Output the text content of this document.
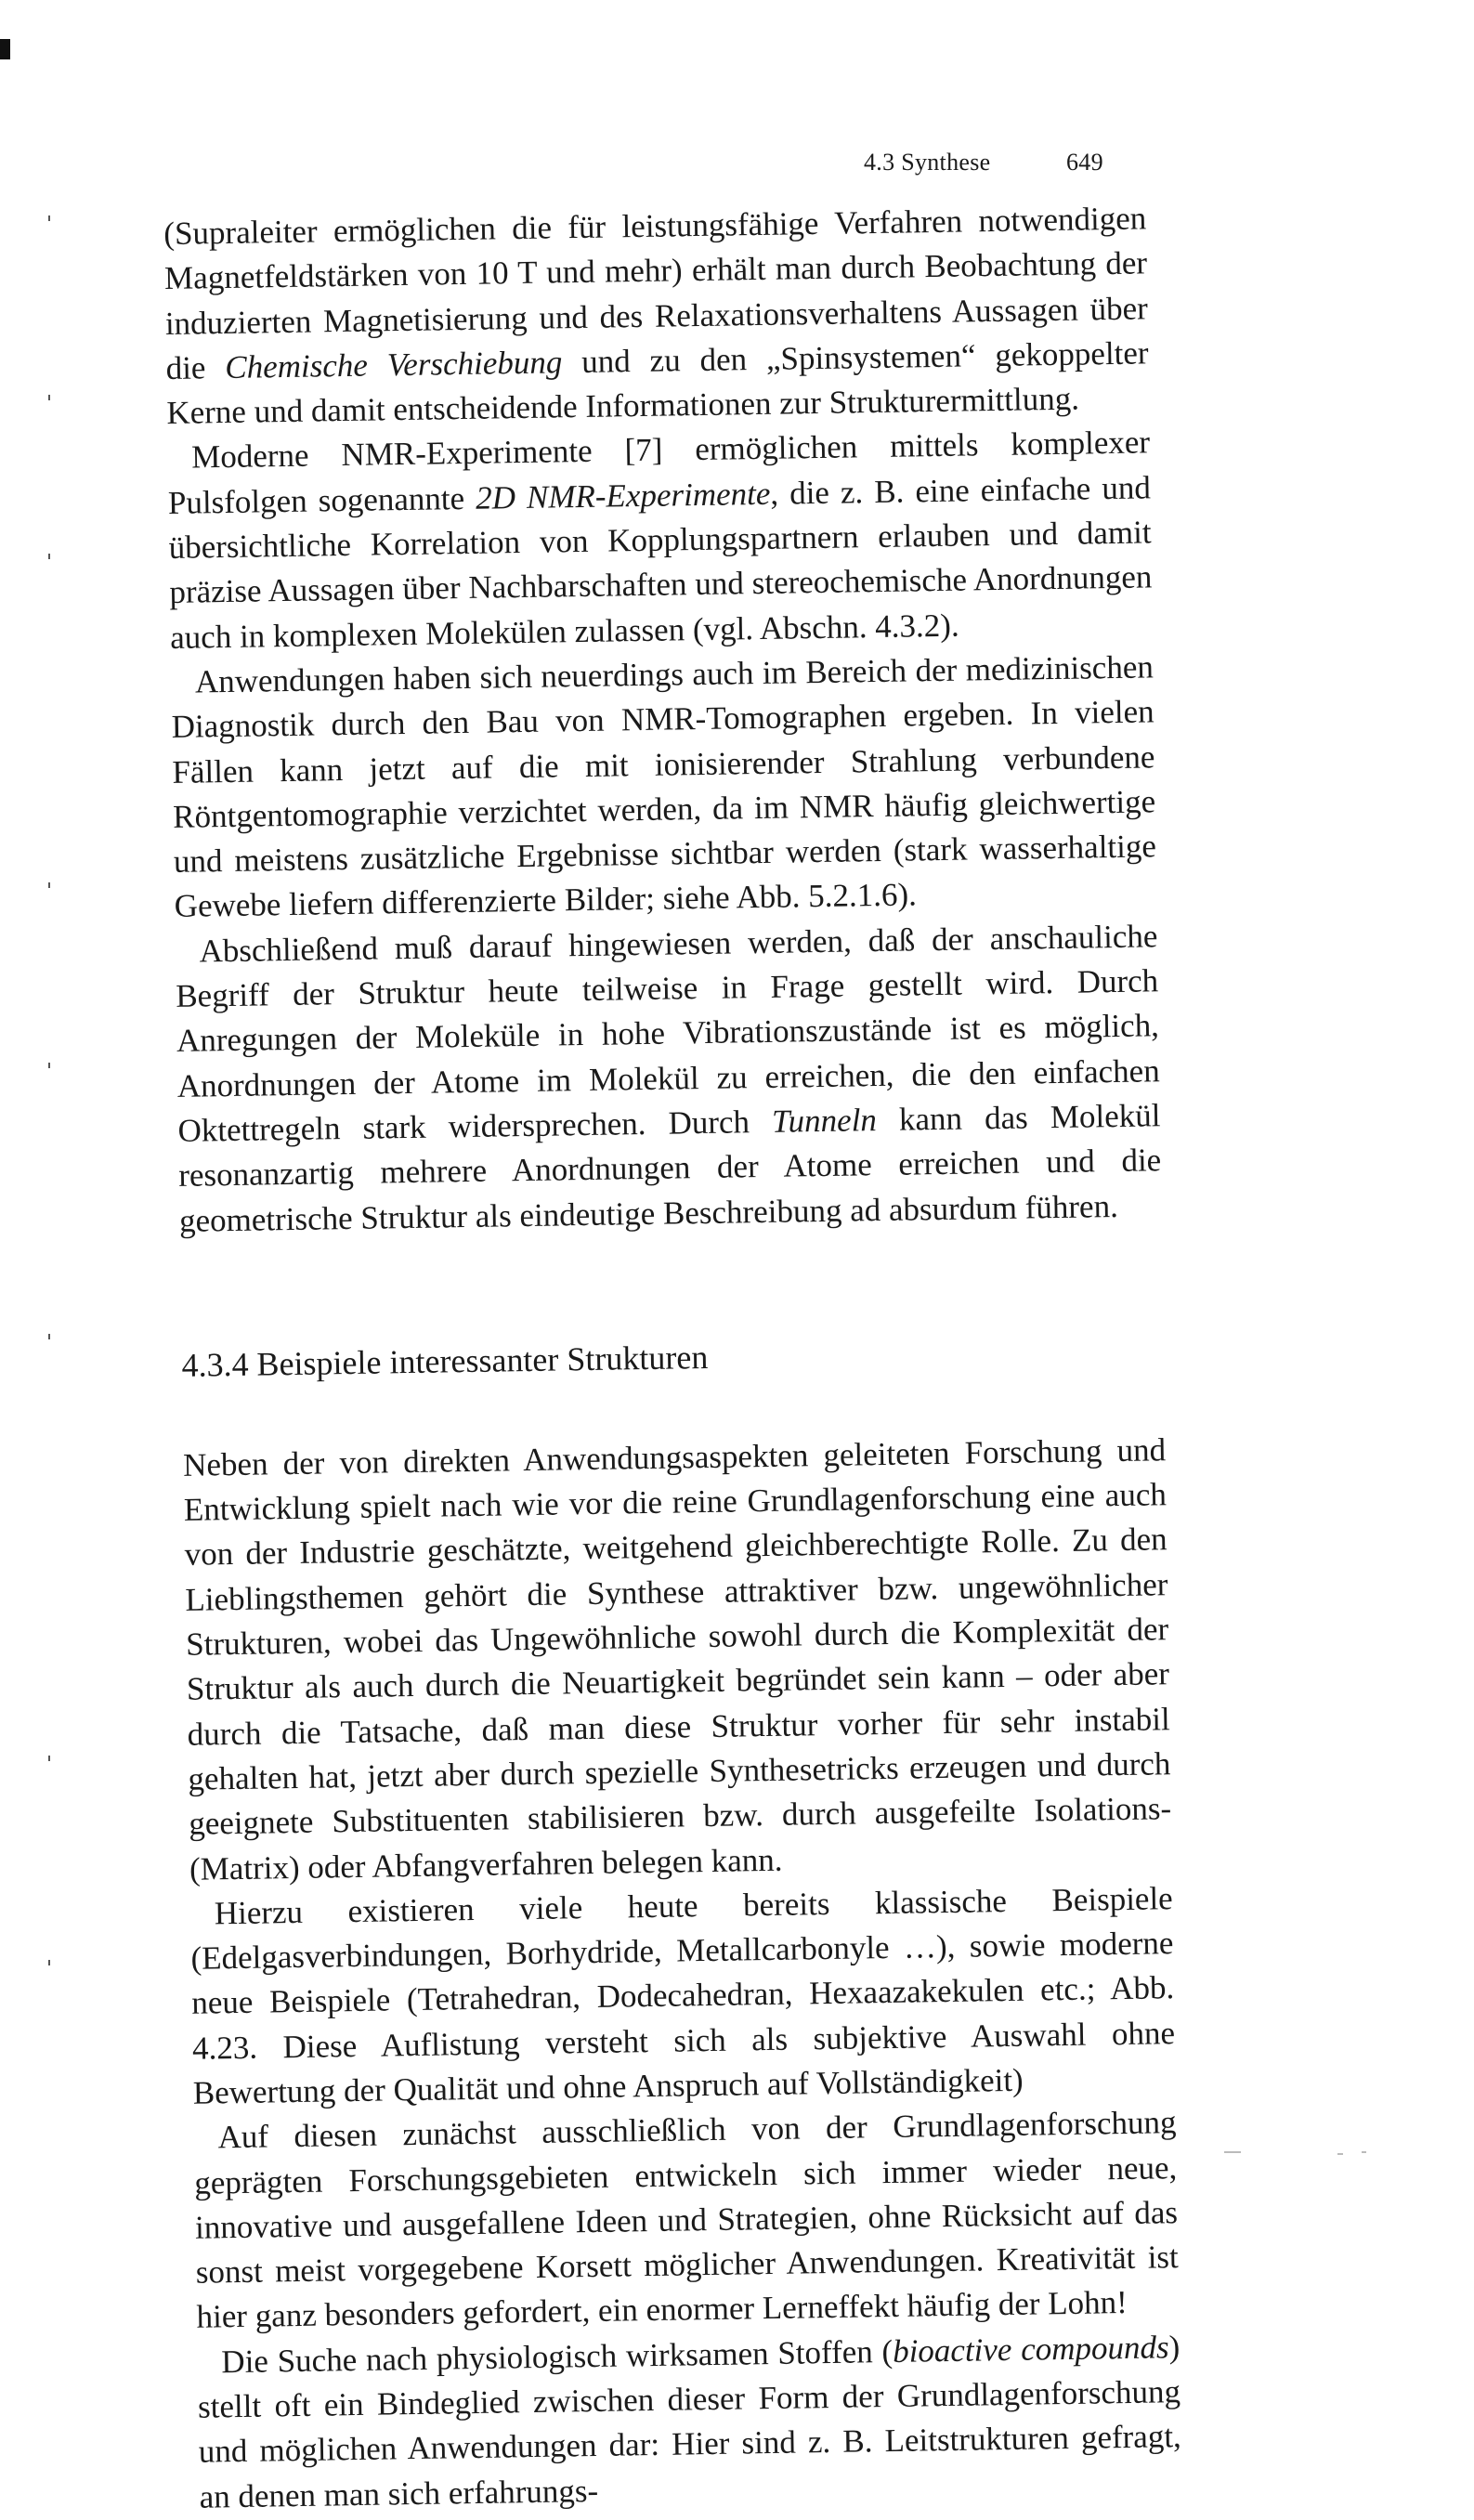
4.3 Synthese	649

(Supraleiter ermöglichen die für leistungsfähige Verfahren notwendigen Magnetfeldstärken von 10 T und mehr) erhält man durch Beobachtung der induzierten Magnetisierung und des Relaxationsverhaltens Aussagen über die Chemische Verschiebung und zu den „Spinsystemen“ gekoppelter Kerne und damit entscheidende Informationen zur Strukturermittlung.

Moderne NMR-Experimente [7] ermöglichen mittels komplexer Pulsfolgen sogenannte 2D NMR-Experimente, die z. B. eine einfache und übersichtliche Korrelation von Kopplungspartnern erlauben und damit präzise Aussagen über Nachbarschaften und stereochemische Anordnungen auch in komplexen Molekülen zulassen (vgl. Abschn. 4.3.2).

Anwendungen haben sich neuerdings auch im Bereich der medizinischen Diagnostik durch den Bau von NMR-Tomographen ergeben. In vielen Fällen kann jetzt auf die mit ionisierender Strahlung verbundene Röntgentomographie verzichtet werden, da im NMR häufig gleichwertige und meistens zusätzliche Ergebnisse sichtbar werden (stark wasserhaltige Gewebe liefern differenzierte Bilder; siehe Abb. 5.2.1.6).

Abschließend muß darauf hingewiesen werden, daß der anschauliche Begriff der Struktur heute teilweise in Frage gestellt wird. Durch Anregungen der Moleküle in hohe Vibrationszustände ist es möglich, Anordnungen der Atome im Molekül zu erreichen, die den einfachen Oktettregeln stark widersprechen. Durch Tunneln kann das Molekül resonanzartig mehrere Anordnungen der Atome erreichen und die geometrische Struktur als eindeutige Beschreibung ad absurdum führen.

4.3.4 Beispiele interessanter Strukturen

Neben der von direkten Anwendungsaspekten geleiteten Forschung und Entwicklung spielt nach wie vor die reine Grundlagenforschung eine auch von der Industrie geschätzte, weitgehend gleichberechtigte Rolle. Zu den Lieblingsthemen gehört die Synthese attraktiver bzw. ungewöhnlicher Strukturen, wobei das Ungewöhnliche sowohl durch die Komplexität der Struktur als auch durch die Neuartigkeit begründet sein kann – oder aber durch die Tatsache, daß man diese Struktur vorher für sehr instabil gehalten hat, jetzt aber durch spezielle Synthesetricks erzeugen und durch geeignete Substituenten stabilisieren bzw. durch ausgefeilte Isolations-(Matrix) oder Abfangverfahren belegen kann.

Hierzu existieren viele heute bereits klassische Beispiele (Edelgasverbindungen, Borhydride, Metallcarbonyle …), sowie moderne neue Beispiele (Tetrahedran, Dodecahedran, Hexaazakekulen etc.; Abb. 4.23. Diese Auflistung versteht sich als subjektive Auswahl ohne Bewertung der Qualität und ohne Anspruch auf Vollständigkeit)

Auf diesen zunächst ausschließlich von der Grundlagenforschung geprägten Forschungsgebieten entwickeln sich immer wieder neue, innovative und ausgefallene Ideen und Strategien, ohne Rücksicht auf das sonst meist vorgegebene Korsett möglicher Anwendungen. Kreativität ist hier ganz besonders gefordert, ein enormer Lerneffekt häufig der Lohn!

Die Suche nach physiologisch wirksamen Stoffen (bioactive compounds) stellt oft ein Bindeglied zwischen dieser Form der Grundlagenforschung und möglichen Anwendungen dar: Hier sind z. B. Leitstrukturen gefragt, an denen man sich erfahrungs-
